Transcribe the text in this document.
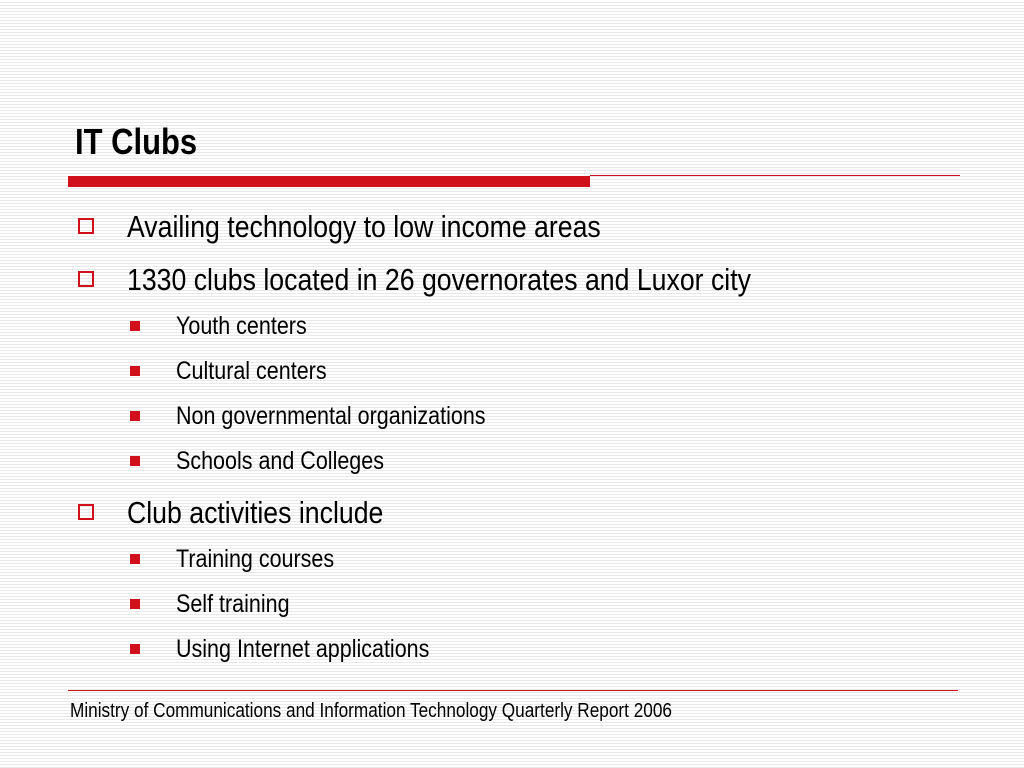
IT Clubs
Availing technology to low income areas
1330 clubs located in 26 governorates and Luxor city
Youth centers
Cultural centers
Non governmental organizations
Schools and Colleges
Club activities include
Training courses
Self training
Using Internet applications
Ministry of Communications and Information Technology Quarterly Report 2006
